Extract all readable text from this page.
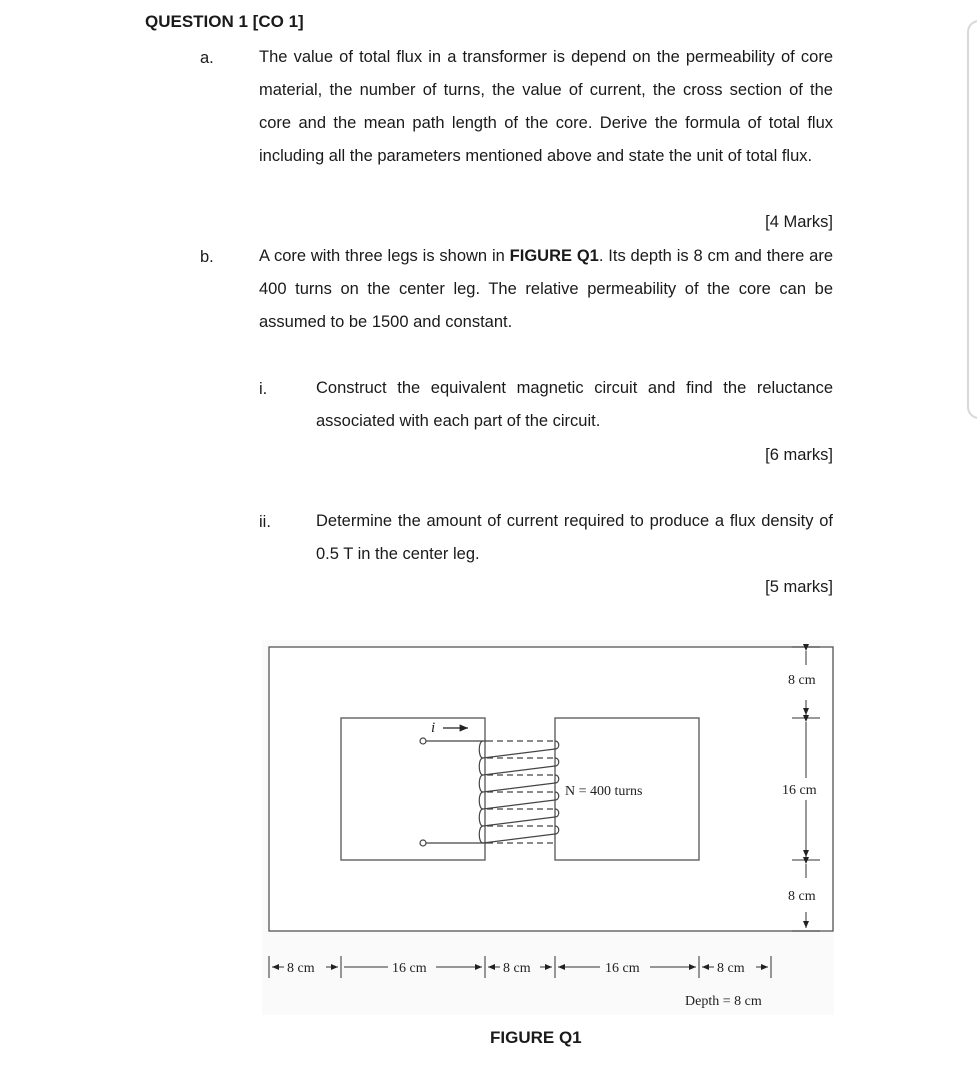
QUESTION 1 [CO 1]
a.	The value of total flux in a transformer is depend on the permeability of core material, the number of turns, the value of current, the cross section of the core and the mean path length of the core. Derive the formula of total flux including all the parameters mentioned above and state the unit of total flux.
[4 Marks]
b.	A core with three legs is shown in FIGURE Q1. Its depth is 8 cm and there are 400 turns on the center leg. The relative permeability of the core can be assumed to be 1500 and constant.
i.	Construct the equivalent magnetic circuit and find the reluctance associated with each part of the circuit.
[6 marks]
ii.	Determine the amount of current required to produce a flux density of 0.5 T in the center leg.
[5 marks]
i
N = 400 turns
8 cm
16 cm
8 cm
8 cm	16 cm	8 cm	16 cm	8 cm
Depth = 8 cm
FIGURE Q1
